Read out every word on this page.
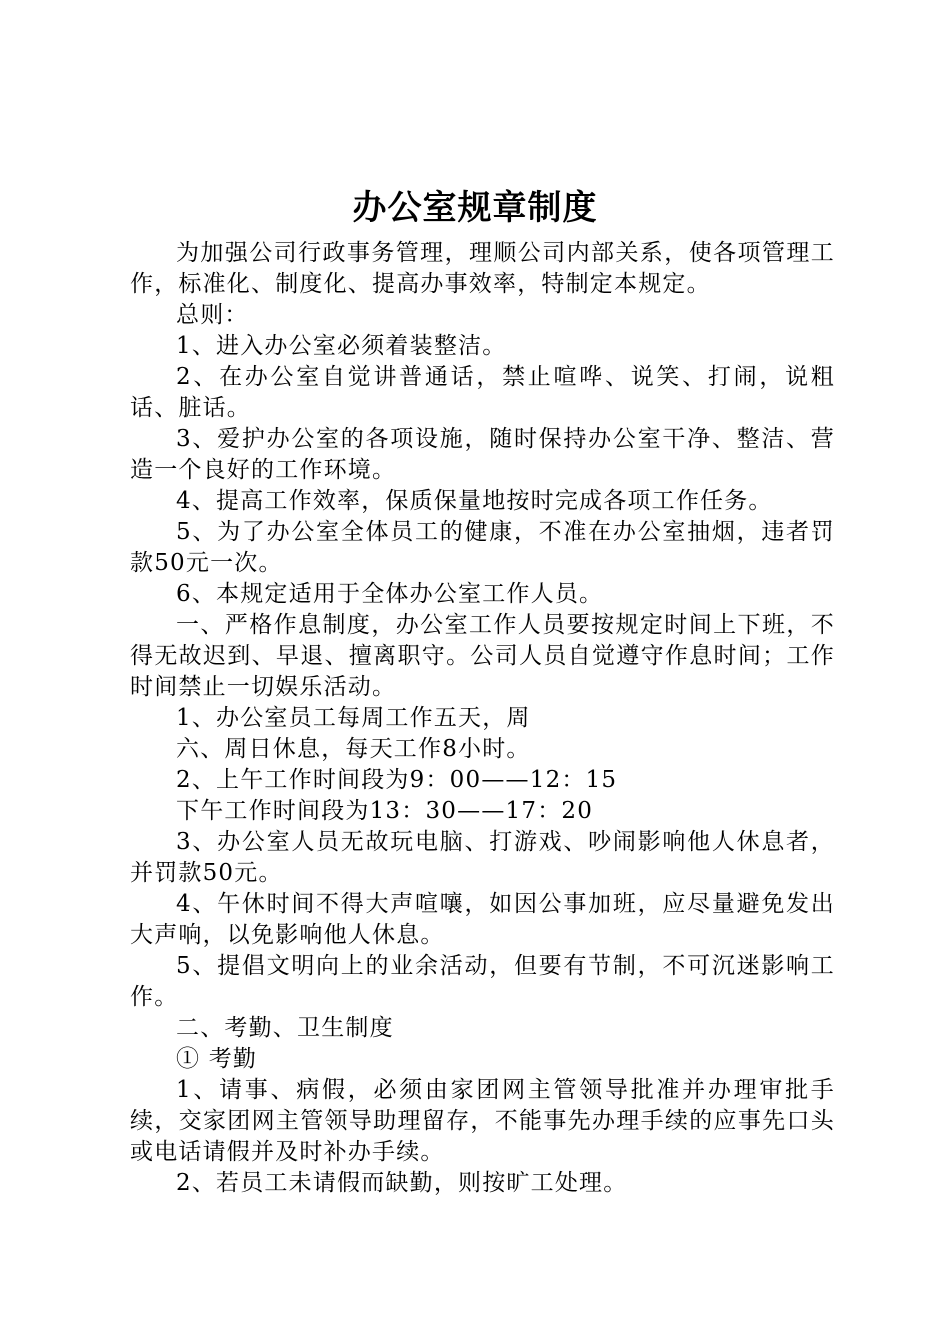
办公室规章制度

为加强公司行政事务管理，理顺公司内部关系，使各项管理工作，标准化、制度化、提高办事效率，特制定本规定。

总则：

1、进入办公室必须着装整洁。

2、在办公室自觉讲普通话，禁止喧哗、说笑、打闹，说粗话、脏话。

3、爱护办公室的各项设施，随时保持办公室干净、整洁、营造一个良好的工作环境。

4、提高工作效率，保质保量地按时完成各项工作任务。

5、为了办公室全体员工的健康，不准在办公室抽烟，违者罚款50元一次。

6、本规定适用于全体办公室工作人员。

一、严格作息制度，办公室工作人员要按规定时间上下班，不得无故迟到、早退、擅离职守。公司人员自觉遵守作息时间；工作时间禁止一切娱乐活动。

1、办公室员工每周工作五天，周

六、周日休息，每天工作8小时。

2、上午工作时间段为9：00——12：15

下午工作时间段为13：30——17：20

3、办公室人员无故玩电脑、打游戏、吵闹影响他人休息者，并罚款50元。

4、午休时间不得大声喧嚷，如因公事加班，应尽量避免发出大声响，以免影响他人休息。

5、提倡文明向上的业余活动，但要有节制，不可沉迷影响工作。

二、考勤、卫生制度

① 考勤

1、请事、病假，必须由家团网主管领导批准并办理审批手续，交家团网主管领导助理留存，不能事先办理手续的应事先口头或电话请假并及时补办手续。

2、若员工未请假而缺勤，则按旷工处理。
